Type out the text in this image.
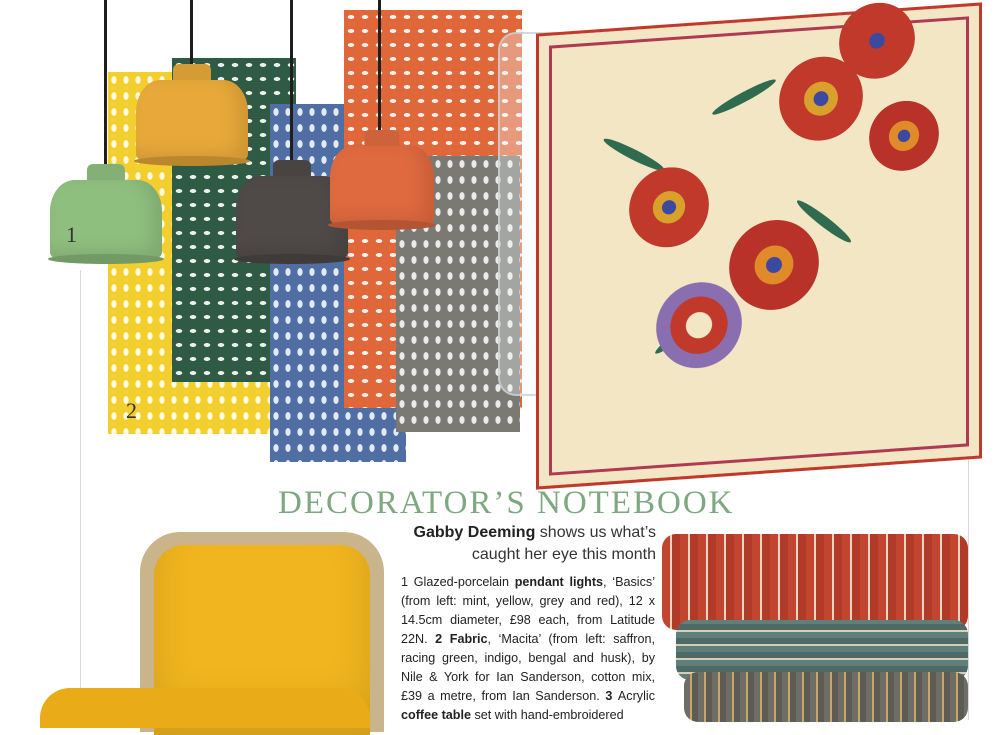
1
2
DECORATOR’S NOTEBOOK
Gabby Deeming shows us what’s caught her eye this month
1 Glazed-porcelain pendant lights, ‘Basics’ (from left: mint, yellow, grey and red), 12 x 14.5cm diameter, £98 each, from Latitude 22N. 2 Fabric, ‘Macita’ (from left: saffron, racing green, indigo, bengal and husk), by Nile & York for Ian Sanderson, cotton mix, £39 a metre, from Ian Sanderson. 3 Acrylic coffee table set with hand-embroidered
